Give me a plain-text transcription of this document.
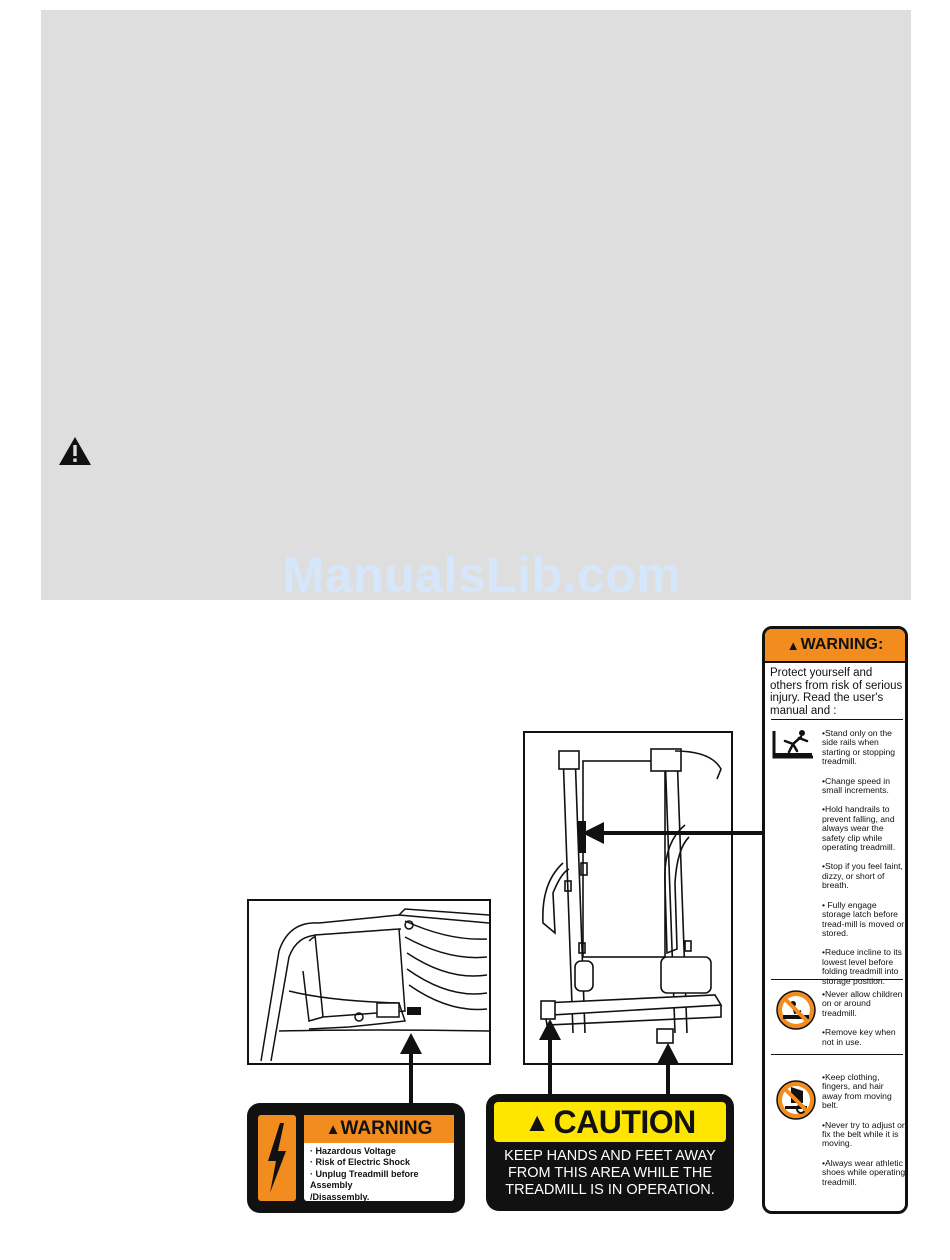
ManualsLib.com
▲ WARNING:
Protect yourself and others from risk of serious injury. Read the user's manual and :
•Stand only on the side rails when starting or stopping treadmill.
•Change speed in small increments.
•Hold handrails to prevent falling, and always wear the safety clip while operating treadmill.
•Stop if you feel faint, dizzy, or short of breath.
• Fully engage storage latch before tread-mill is moved or stored.
•Reduce incline to its lowest level before folding treadmill into storage position.
•Never allow children on or around treadmill.
•Remove key when not in use.
•Keep clothing, fingers, and hair away from moving belt.
•Never try to adjust or fix the belt while it is moving.
•Always wear athletic shoes while operating treadmill.
▲ WARNING
· Hazardous Voltage
· Risk of Electric Shock
· Unplug Treadmill before Assembly
/Disassembly.
▲ CAUTION
KEEP HANDS AND FEET AWAY
FROM THIS AREA WHILE THE
TREADMILL IS IN OPERATION.
